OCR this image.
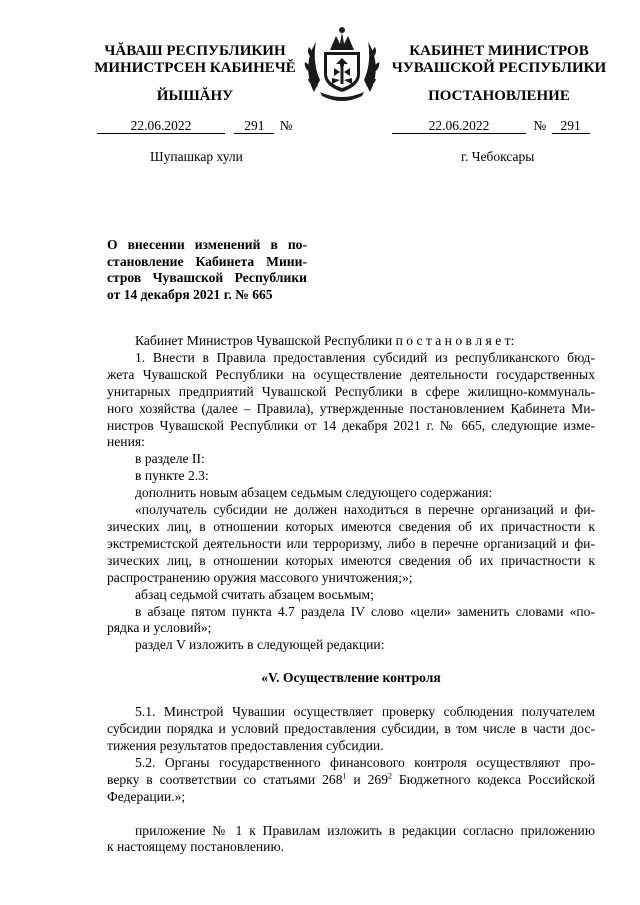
ЧĂВАШ РЕСПУБЛИКИН
МИНИСТРСЕН КАБИНЕЧĚ
ЙЫШĂНУ
КАБИНЕТ МИНИСТРОВ
ЧУВАШСКОЙ РЕСПУБЛИКИ
ПОСТАНОВЛЕНИЕ
22.06.2022	291 №	22.06.2022	№ 291
Шупашкар хули	г. Чебоксары
О внесении изменений в по-
становление Кабинета Мини-
стров Чувашской Республики
от 14 декабря 2021 г. № 665

Кабинет Министров Чувашской Республики п о с т а н о в л я е т:

1. Внести в Правила предоставления субсидий из республиканского бюд-
жета Чувашской Республики на осуществление деятельности государственных
унитарных предприятий Чувашской Республики в сфере жилищно-коммуналь-
ного хозяйства (далее – Правила), утвержденные постановлением Кабинета Ми-
нистров Чувашской Республики от 14 декабря 2021 г. № 665, следующие изме-
нения:

в разделе II:

в пункте 2.3:

дополнить новым абзацем седьмым следующего содержания:

«получатель субсидии не должен находиться в перечне организаций и фи-
зических лиц, в отношении которых имеются сведения об их причастности к
экстремистской деятельности или терроризму, либо в перечне организаций и фи-
зических лиц, в отношении которых имеются сведения об их причастности к
распространению оружия массового уничтожения;»;

абзац седьмой считать абзацем восьмым;

в абзаце пятом пункта 4.7 раздела IV слово «цели» заменить словами «по-
рядка и условий»;

раздел V изложить в следующей редакции:

«V. Осуществление контроля
5.1. Минстрой Чувашии осуществляет проверку соблюдения получателем
субсидии порядка и условий предоставления субсидии, в том числе в части дос-
тижения результатов предоставления субсидии.
5.2. Органы государственного финансового контроля осуществляют про-
верку в соответствии со статьями $268^1$ и $269^2$ Бюджетного кодекса Российской
Федерации.»;
приложение № 1 к Правилам изложить в редакции согласно приложению
к настоящему постановлению.
